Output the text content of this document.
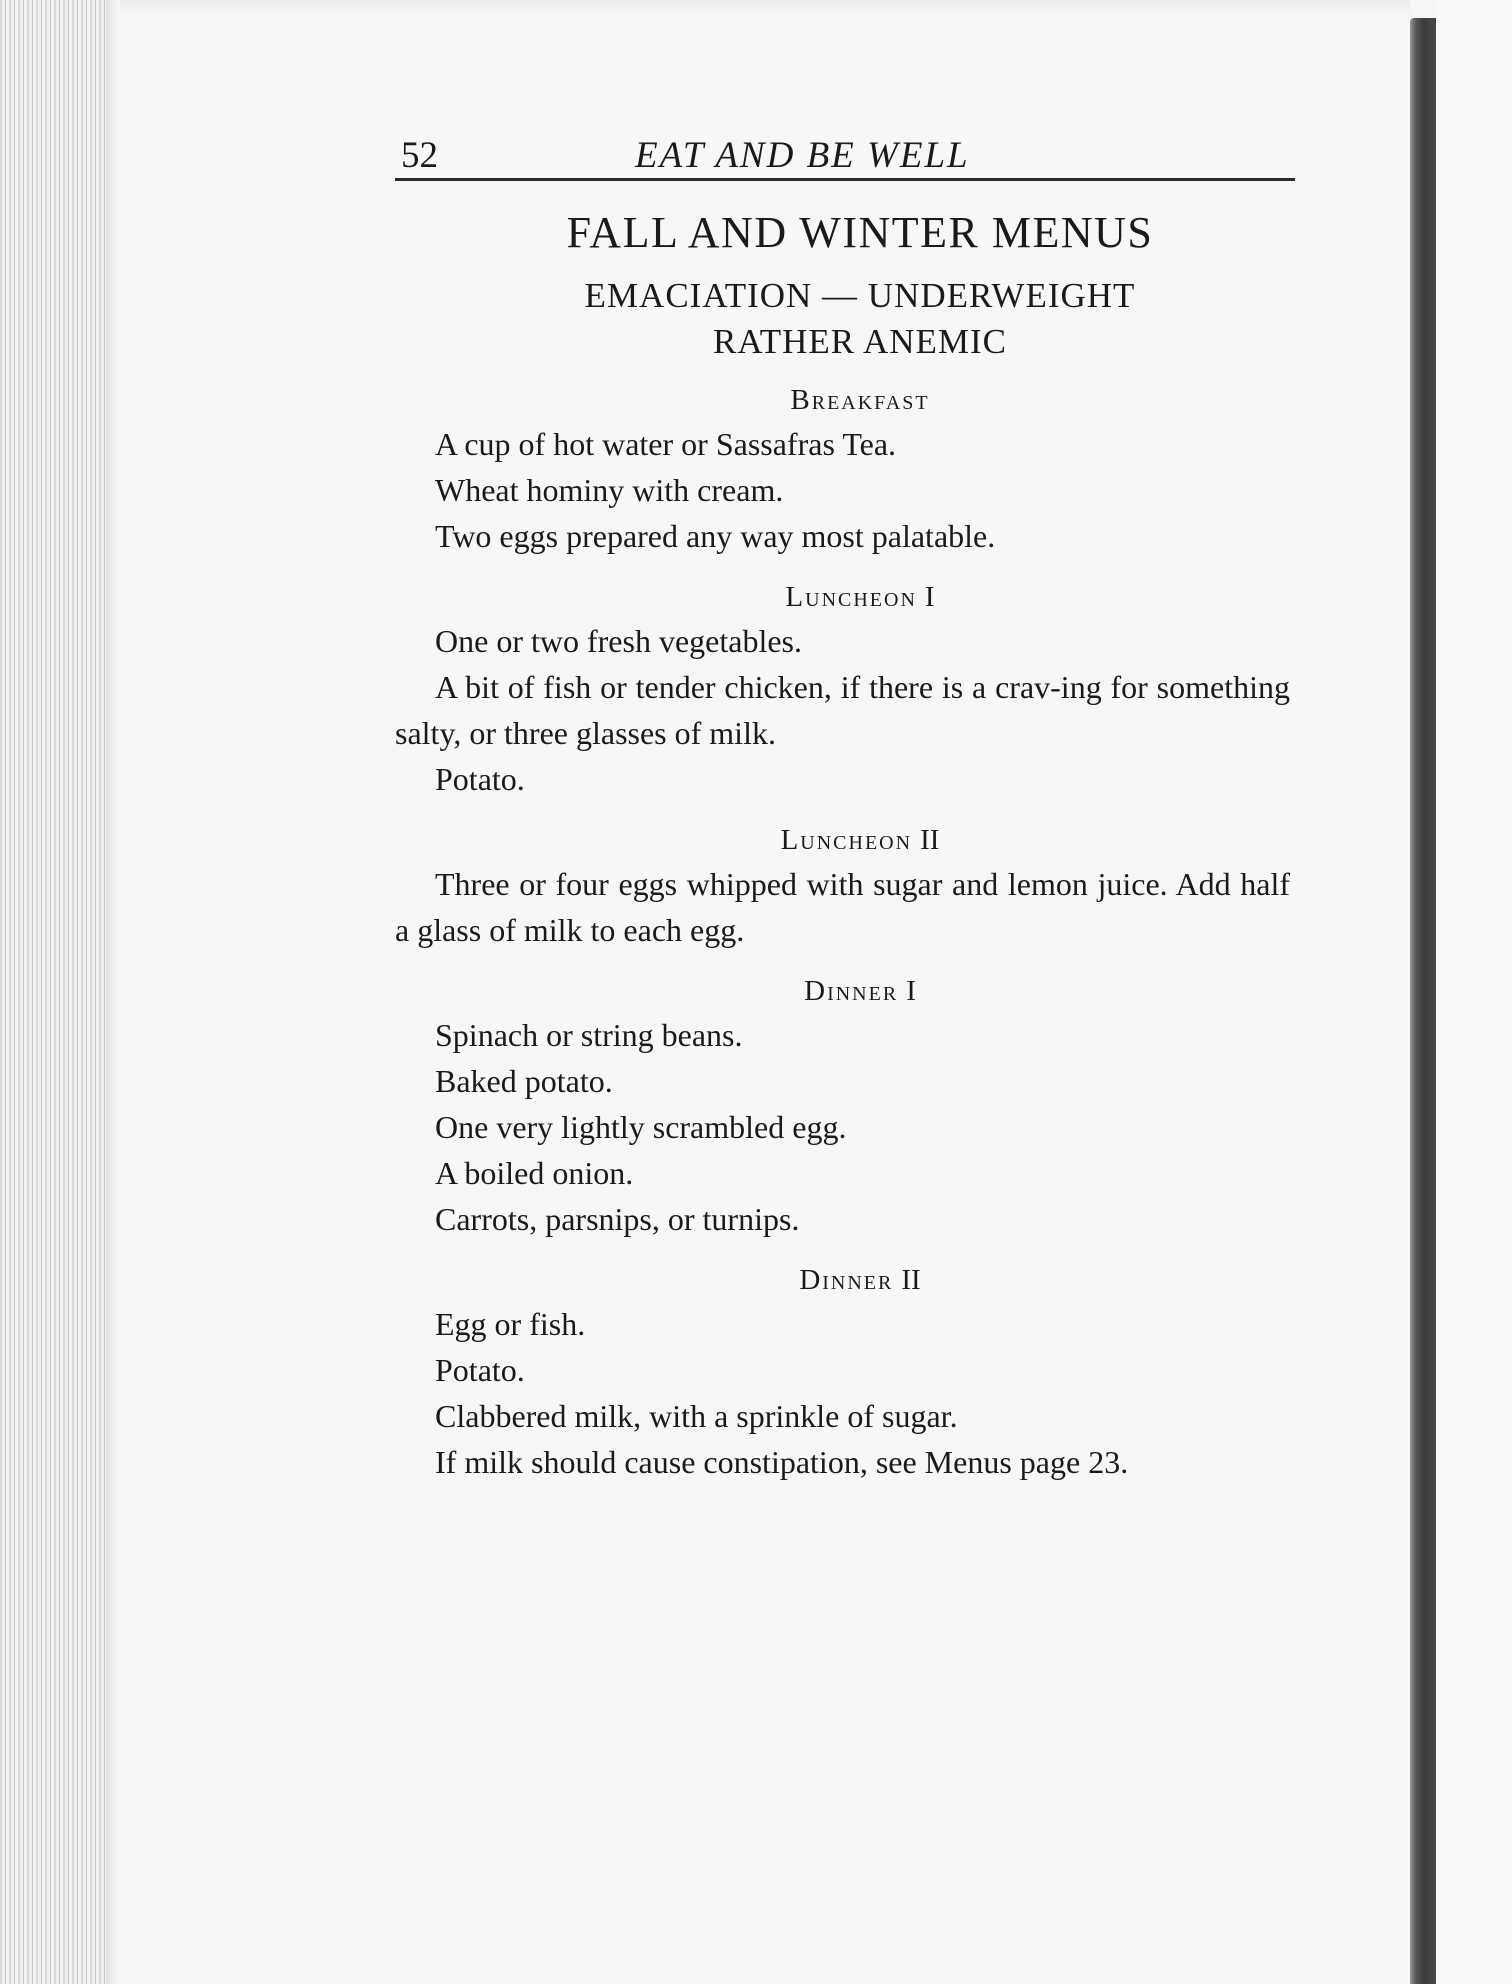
52	EAT AND BE WELL
FALL AND WINTER MENUS
EMACIATION — UNDERWEIGHT
RATHER ANEMIC
Breakfast
A cup of hot water or Sassafras Tea.
Wheat hominy with cream.
Two eggs prepared any way most palatable.
Luncheon I
One or two fresh vegetables.
A bit of fish or tender chicken, if there is a crav-ing for something salty, or three glasses of milk.
Potato.
Luncheon II
Three or four eggs whipped with sugar and lemon juice. Add half a glass of milk to each egg.
Dinner I
Spinach or string beans.
Baked potato.
One very lightly scrambled egg.
A boiled onion.
Carrots, parsnips, or turnips.
Dinner II
Egg or fish.
Potato.
Clabbered milk, with a sprinkle of sugar.
If milk should cause constipation, see Menus page 23.
